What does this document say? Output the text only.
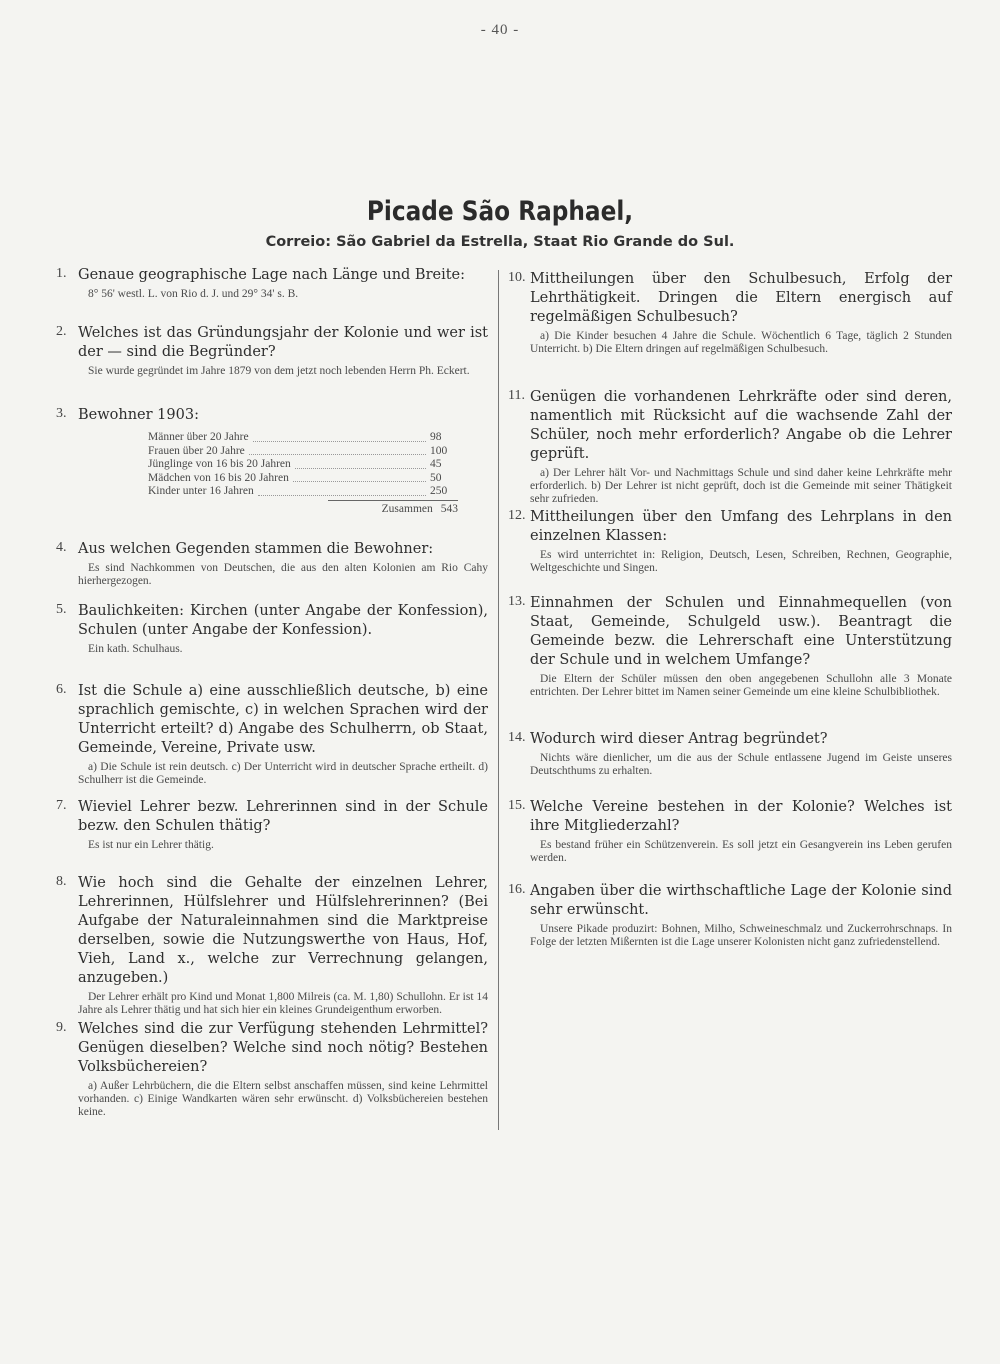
- 40 -
Picade São Raphael,
Correio: São Gabriel da Estrella, Staat Rio Grande do Sul.
1. Genaue geographische Lage nach Länge und Breite:
8° 56' westl. L. von Rio d. J. und 29° 34' s. B.
2. Welches ist das Gründungsjahr der Kolonie und wer ist der — sind die Begründer?
Sie wurde gegründet im Jahre 1879 von dem jetzt noch lebenden Herrn Ph. Eckert.
3. Bewohner 1903:
Männer über 20 Jahre	98
Frauen über 20 Jahre	100
Jünglinge von 16 bis 20 Jahren	45
Mädchen von 16 bis 20 Jahren	50
Kinder unter 16 Jahren	250
Zusammen 543
4. Aus welchen Gegenden stammen die Bewohner:
Es sind Nachkommen von Deutschen, die aus den alten Kolonien am Rio Cahy hierhergezogen.
5. Baulichkeiten: Kirchen (unter Angabe der Konfession), Schulen (unter Angabe der Konfession).
Ein kath. Schulhaus.
6. Ist die Schule a) eine ausschließlich deutsche, b) eine sprachlich gemischte, c) in welchen Sprachen wird der Unterricht erteilt? d) Angabe des Schulherrn, ob Staat, Gemeinde, Vereine, Private usw.
a) Die Schule ist rein deutsch. c) Der Unterricht wird in deutscher Sprache ertheilt. d) Schulherr ist die Gemeinde.
7. Wieviel Lehrer bezw. Lehrerinnen sind in der Schule bezw. den Schulen thätig?
Es ist nur ein Lehrer thätig.
8. Wie hoch sind die Gehalte der einzelnen Lehrer, Lehrerinnen, Hülfslehrer und Hülfslehrerinnen? (Bei Aufgabe der Naturaleinnahmen sind die Marktpreise derselben, sowie die Nutzungswerthe von Haus, Hof, Vieh, Land x., welche zur Verrechnung gelangen, anzugeben.)
Der Lehrer erhält pro Kind und Monat 1,800 Milreis (ca. M. 1,80) Schullohn. Er ist 14 Jahre als Lehrer thätig und hat sich hier ein kleines Grundeigenthum erworben.
9. Welches sind die zur Verfügung stehenden Lehrmittel? Genügen dieselben? Welche sind noch nötig? Bestehen Volksbüchereien?
a) Außer Lehrbüchern, die die Eltern selbst anschaffen müssen, sind keine Lehrmittel vorhanden. c) Einige Wandkarten wären sehr erwünscht. d) Volksbüchereien bestehen keine.
10. Mittheilungen über den Schulbesuch, Erfolg der Lehrthätigkeit. Dringen die Eltern energisch auf regelmäßigen Schulbesuch?
a) Die Kinder besuchen 4 Jahre die Schule. Wöchentlich 6 Tage, täglich 2 Stunden Unterricht. b) Die Eltern dringen auf regelmäßigen Schulbesuch.
11. Genügen die vorhandenen Lehrkräfte oder sind deren, namentlich mit Rücksicht auf die wachsende Zahl der Schüler, noch mehr erforderlich? Angabe ob die Lehrer geprüft.
a) Der Lehrer hält Vor- und Nachmittags Schule und sind daher keine Lehrkräfte mehr erforderlich. b) Der Lehrer ist nicht geprüft, doch ist die Gemeinde mit seiner Thätigkeit sehr zufrieden.
12. Mittheilungen über den Umfang des Lehrplans in den einzelnen Klassen:
Es wird unterrichtet in: Religion, Deutsch, Lesen, Schreiben, Rechnen, Geographie, Weltgeschichte und Singen.
13. Einnahmen der Schulen und Einnahmequellen (von Staat, Gemeinde, Schulgeld usw.). Beantragt die Gemeinde bezw. die Lehrerschaft eine Unterstützung der Schule und in welchem Umfange?
Die Eltern der Schüler müssen den oben angegebenen Schullohn alle 3 Monate entrichten. Der Lehrer bittet im Namen seiner Gemeinde um eine kleine Schulbibliothek.
14. Wodurch wird dieser Antrag begründet?
Nichts wäre dienlicher, um die aus der Schule entlassene Jugend im Geiste unseres Deutschthums zu erhalten.
15. Welche Vereine bestehen in der Kolonie? Welches ist ihre Mitgliederzahl?
Es bestand früher ein Schützenverein. Es soll jetzt ein Gesangverein ins Leben gerufen werden.
16. Angaben über die wirthschaftliche Lage der Kolonie sind sehr erwünscht.
Unsere Pikade produzirt: Bohnen, Milho, Schweineschmalz und Zuckerrohrschnaps. In Folge der letzten Mißernten ist die Lage unserer Kolonisten nicht ganz zufriedenstellend.
